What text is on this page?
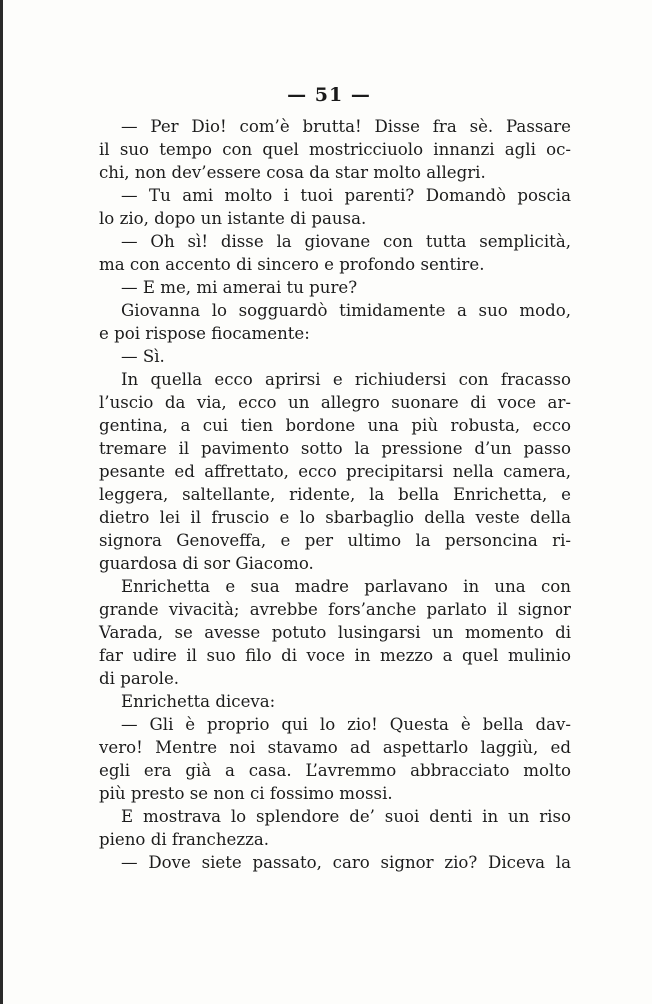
— 51 —
— Per Dio! com’è brutta! Disse fra sè. Passare
il suo tempo con quel mostricciuolo innanzi agli oc-
chi, non dev’essere cosa da star molto allegri.
— Tu ami molto i tuoi parenti? Domandò poscia
lo zio, dopo un istante di pausa.
— Oh sì! disse la giovane con tutta semplicità,
ma con accento di sincero e profondo sentire.
— E me, mi amerai tu pure?
Giovanna lo sogguardò timidamente a suo modo,
e poi rispose fiocamente:
— Sì.
In quella ecco aprirsi e richiudersi con fracasso
l’uscio da via, ecco un allegro suonare di voce ar-
gentina, a cui tien bordone una più robusta, ecco
tremare il pavimento sotto la pressione d’un passo
pesante ed affrettato, ecco precipitarsi nella camera,
leggera, saltellante, ridente, la bella Enrichetta, e
dietro lei il fruscio e lo sbarbaglio della veste della
signora Genoveffa, e per ultimo la personcina ri-
guardosa di sor Giacomo.
Enrichetta e sua madre parlavano in una con
grande vivacità; avrebbe fors’anche parlato il signor
Varada, se avesse potuto lusingarsi un momento di
far udire il suo filo di voce in mezzo a quel mulinio
di parole.
Enrichetta diceva:
— Gli è proprio qui lo zio! Questa è bella dav-
vero! Mentre noi stavamo ad aspettarlo laggiù, ed
egli era già a casa. L’avremmo abbracciato molto
più presto se non ci fossimo mossi.
E mostrava lo splendore de’ suoi denti in un riso
pieno di franchezza.
— Dove siete passato, caro signor zio? Diceva la
